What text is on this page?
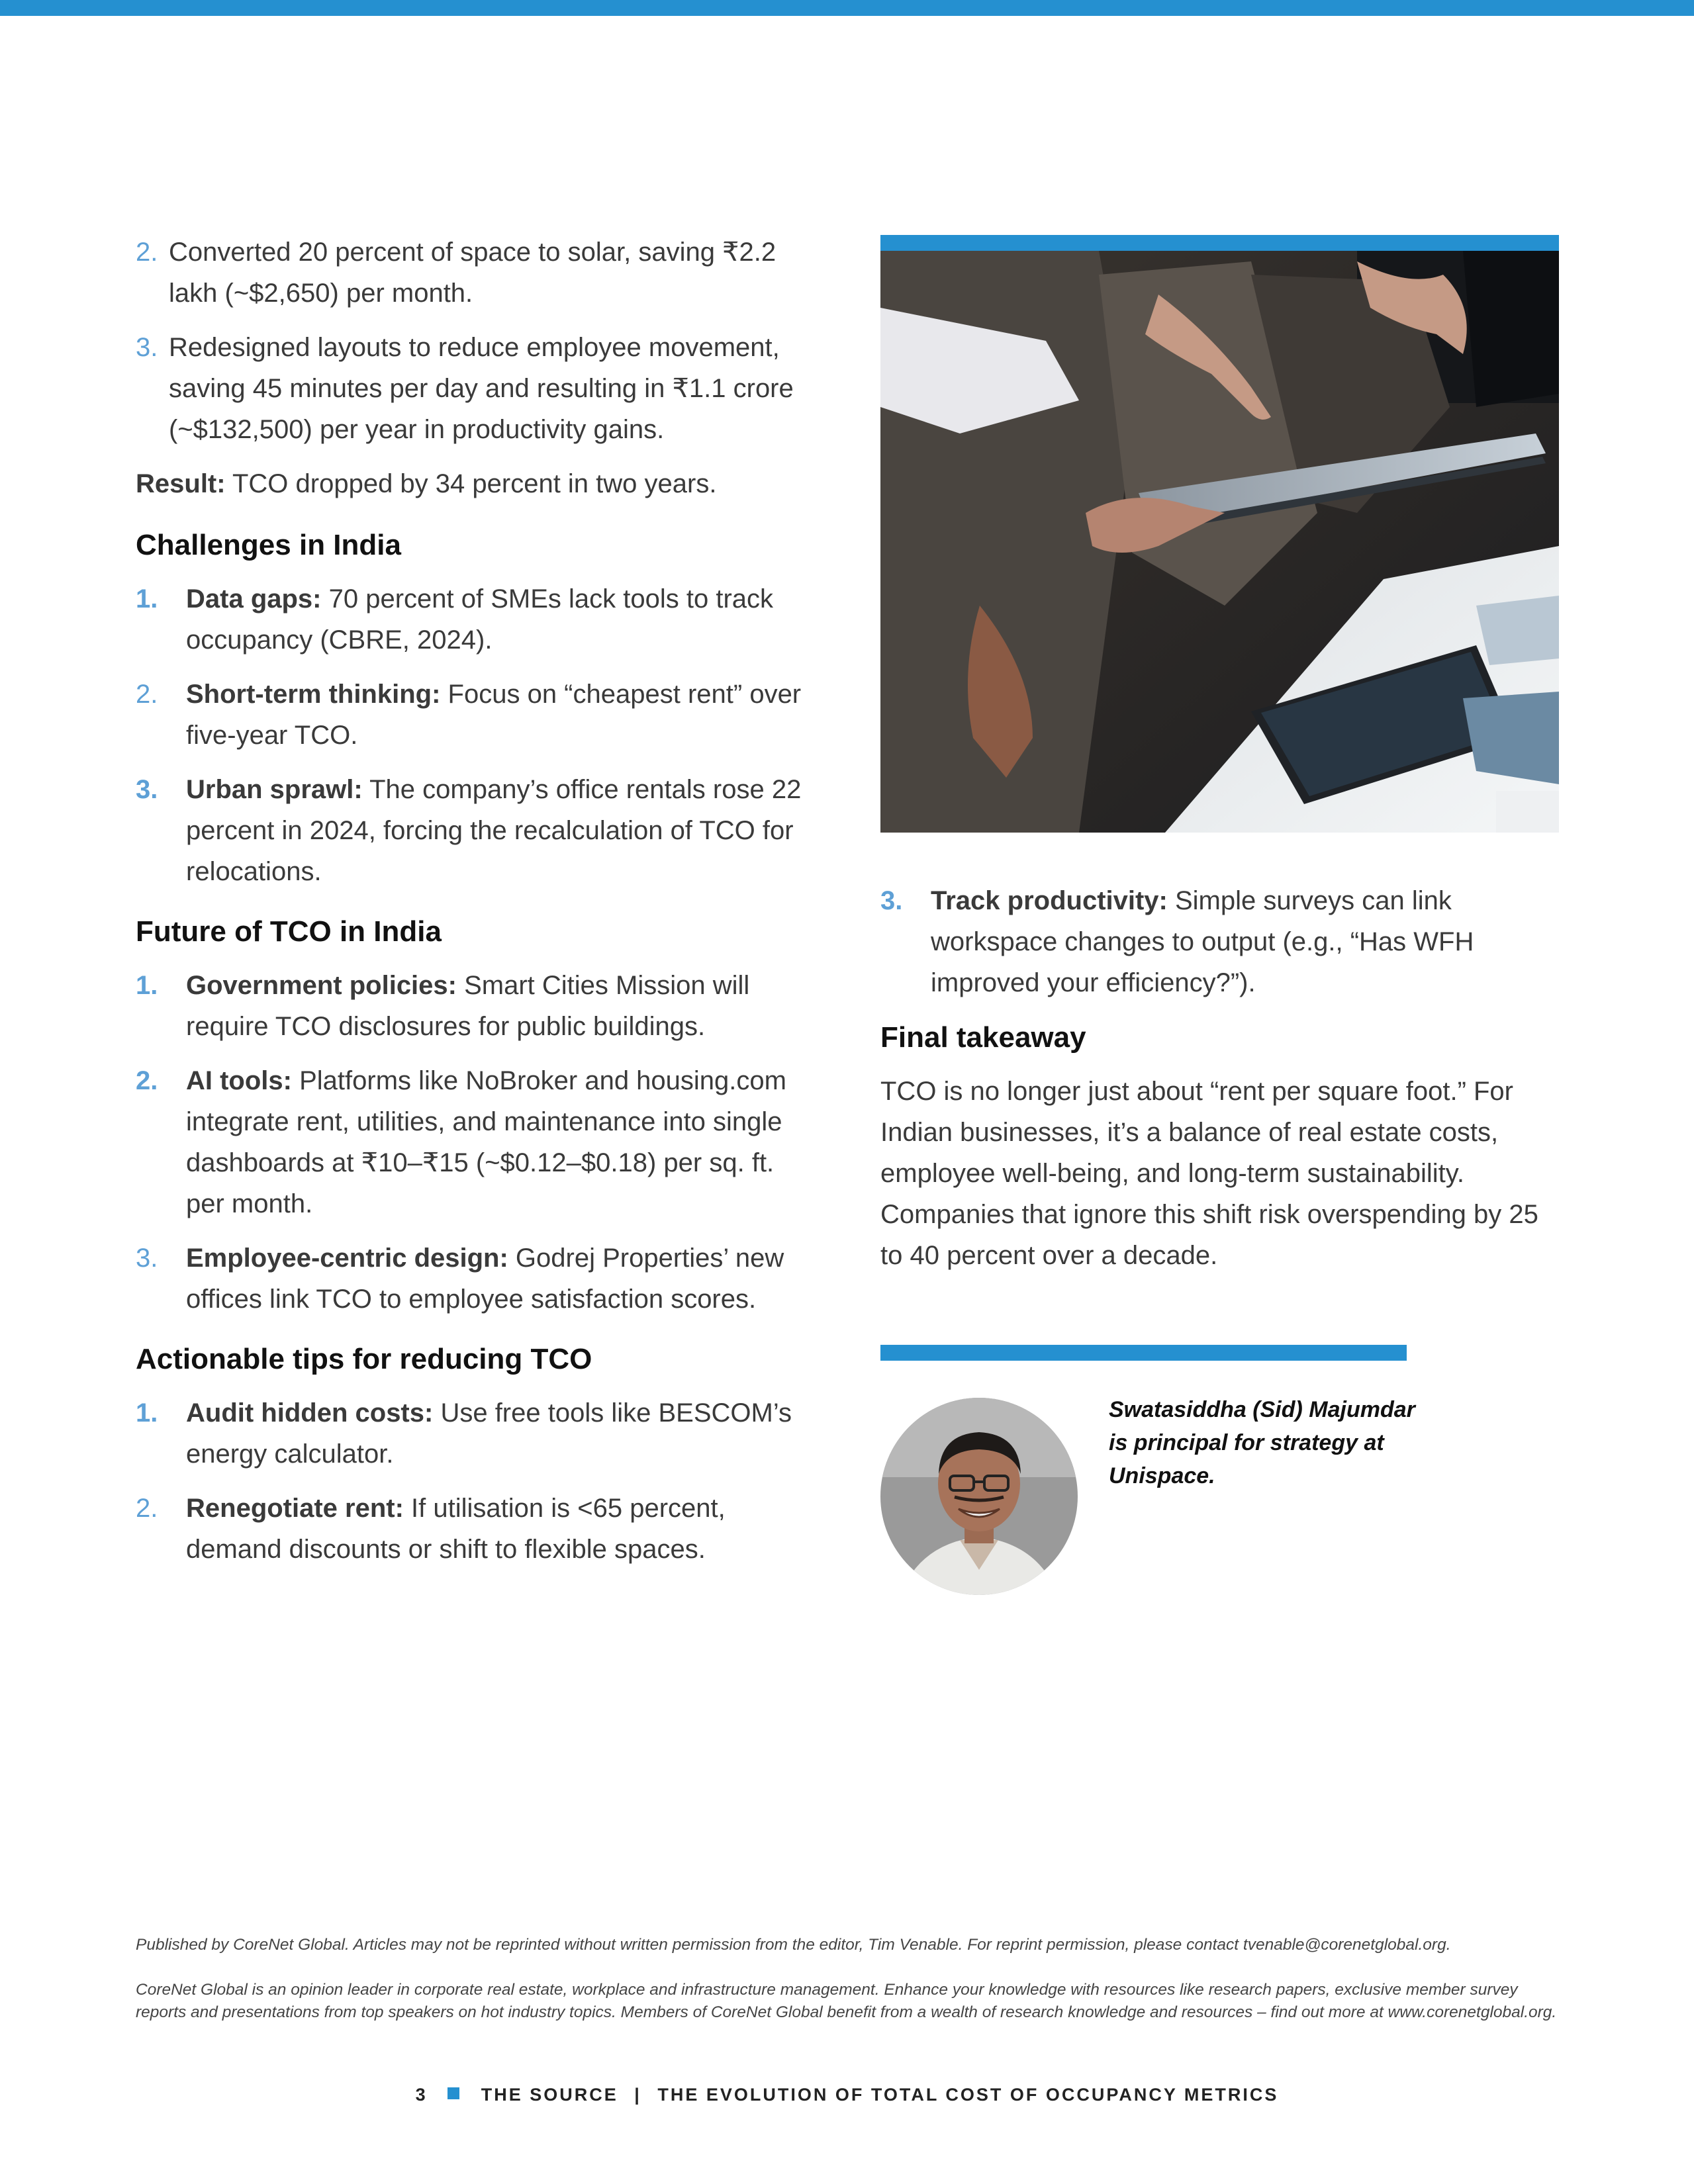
2. Converted 20 percent of space to solar, saving ₹2.2 lakh (~$2,650) per month.
3. Redesigned layouts to reduce employee movement, saving 45 minutes per day and resulting in ₹1.1 crore (~$132,500) per year in productivity gains.

Result: TCO dropped by 34 percent in two years.

Challenges in India
1.	Data gaps: 70 percent of SMEs lack tools to track occupancy (CBRE, 2024).
2.	Short-term thinking: Focus on “cheapest rent” over five-year TCO.
3.	Urban sprawl: The company’s office rentals rose 22 percent in 2024, forcing the recalculation of TCO for relocations.
Future of TCO in India
1.	Government policies: Smart Cities Mission will require TCO disclosures for public buildings.
2.	AI tools: Platforms like NoBroker and housing.com integrate rent, utilities, and maintenance into single dashboards at ₹10–₹15 (~$0.12–$0.18) per sq. ft. per month.
3.	Employee-centric design: Godrej Properties’ new offices link TCO to employee satisfaction scores.
Actionable tips for reducing TCO
1.	Audit hidden costs: Use free tools like BESCOM’s energy calculator.
2.	Renegotiate rent: If utilisation is <65 percent, demand discounts or shift to flexible spaces.
3.	Track productivity: Simple surveys can link workspace changes to output (e.g., “Has WFH improved your efficiency?”).
Final takeaway

TCO is no longer just about “rent per square foot.” For Indian businesses, it’s a balance of real estate costs, employee well-being, and long-term sustainability. Companies that ignore this shift risk overspending by 25 to 40 percent over a decade.

Swatasiddha (Sid) Majumdar is principal for strategy at Unispace.

Published by CoreNet Global. Articles may not be reprinted without written permission from the editor, Tim Venable. For reprint permission, please contact tvenable@corenetglobal.org.

CoreNet Global is an opinion leader in corporate real estate, workplace and infrastructure management. Enhance your knowledge with resources like research papers, exclusive member survey reports and presentations from top speakers on hot industry topics. Members of CoreNet Global benefit from a wealth of research knowledge and resources – find out more at www.corenetglobal.org.

3	THE SOURCE | THE EVOLUTION OF TOTAL COST OF OCCUPANCY METRICS
